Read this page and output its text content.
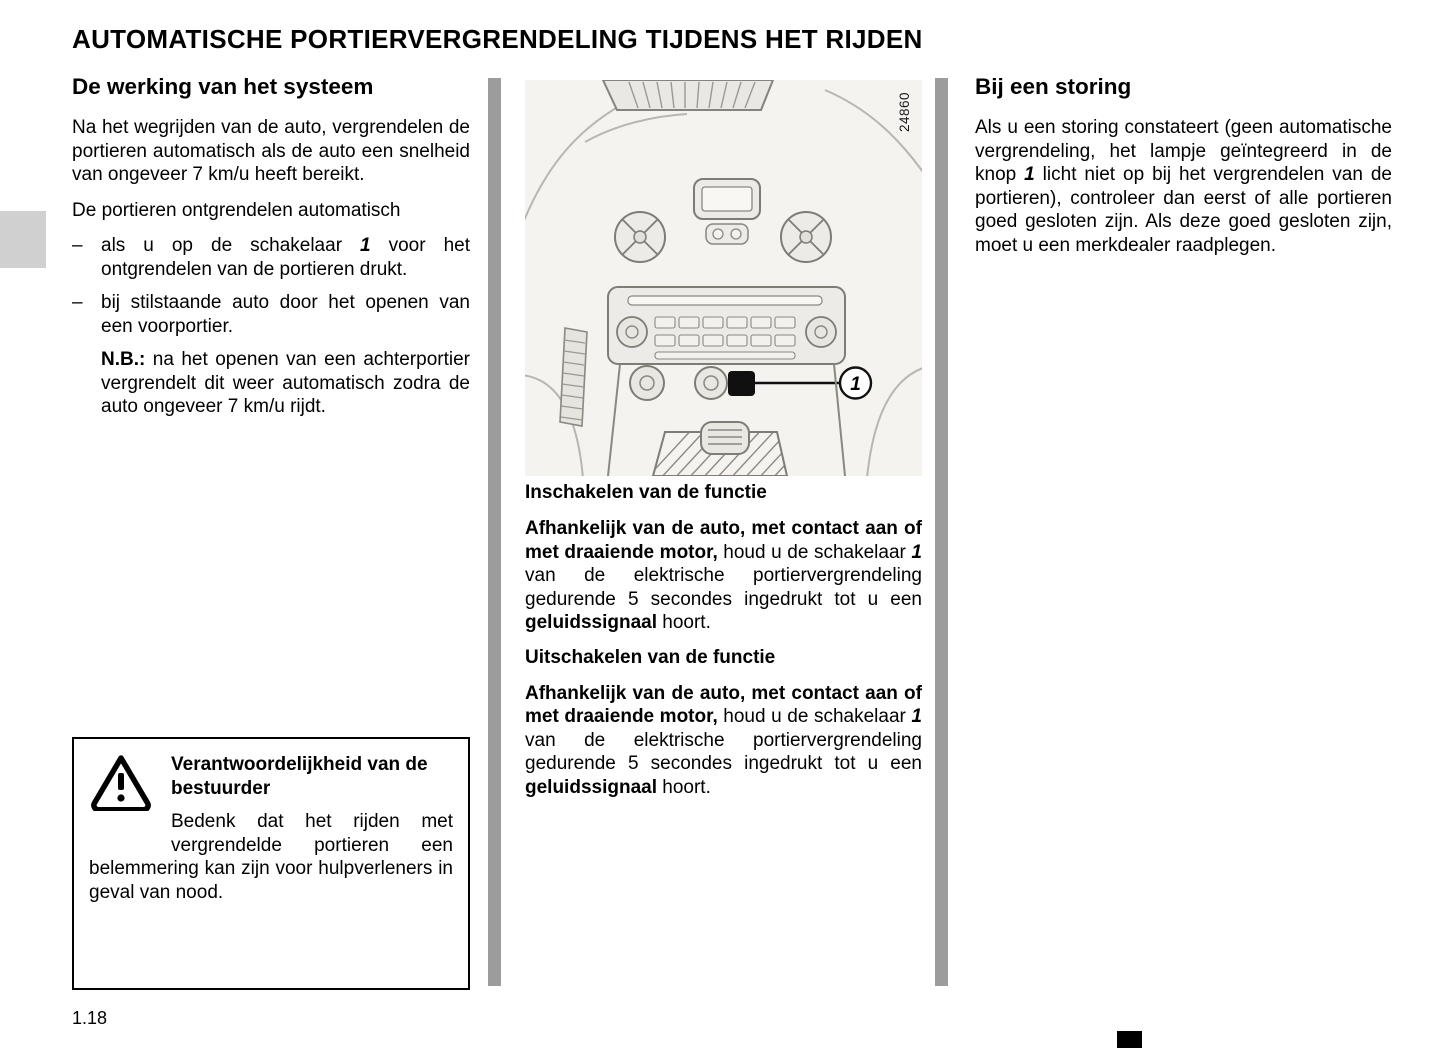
AUTOMATISCHE PORTIERVERGRENDELING TIJDENS HET RIJDEN
De werking van het systeem

Na het wegrijden van de auto, vergrendelen de portieren automatisch als de auto een snelheid van ongeveer 7 km/u heeft bereikt.

De portieren ontgrendelen automatisch

– als u op de schakelaar 1 voor het ontgrendelen van de portieren drukt.

– bij stilstaande auto door het openen van een voorportier.

N.B.: na het openen van een achterportier vergrendelt dit weer automatisch zodra de auto ongeveer 7 km/u rijdt.

1
24860
Inschakelen van de functie

Afhankelijk van de auto, met contact aan of met draaiende motor, houd u de schakelaar 1 van de elektrische portiervergrendeling gedurende 5 secondes ingedrukt tot u een geluidssignaal hoort.

Uitschakelen van de functie

Afhankelijk van de auto, met contact aan of met draaiende motor, houd u de schakelaar 1 van de elektrische portiervergrendeling gedurende 5 secondes ingedrukt tot u een geluidssignaal hoort.

Bij een storing

Als u een storing constateert (geen automatische vergrendeling, het lampje geïntegreerd in de knop 1 licht niet op bij het vergrendelen van de portieren), controleer dan eerst of alle portieren goed gesloten zijn. Als deze goed gesloten zijn, moet u een merkdealer raadplegen.

Verantwoordelijkheid van de bestuurder

Bedenk dat het rijden met vergrendelde portieren een belemmering kan zijn voor hulpverleners in geval van nood.

1.18
